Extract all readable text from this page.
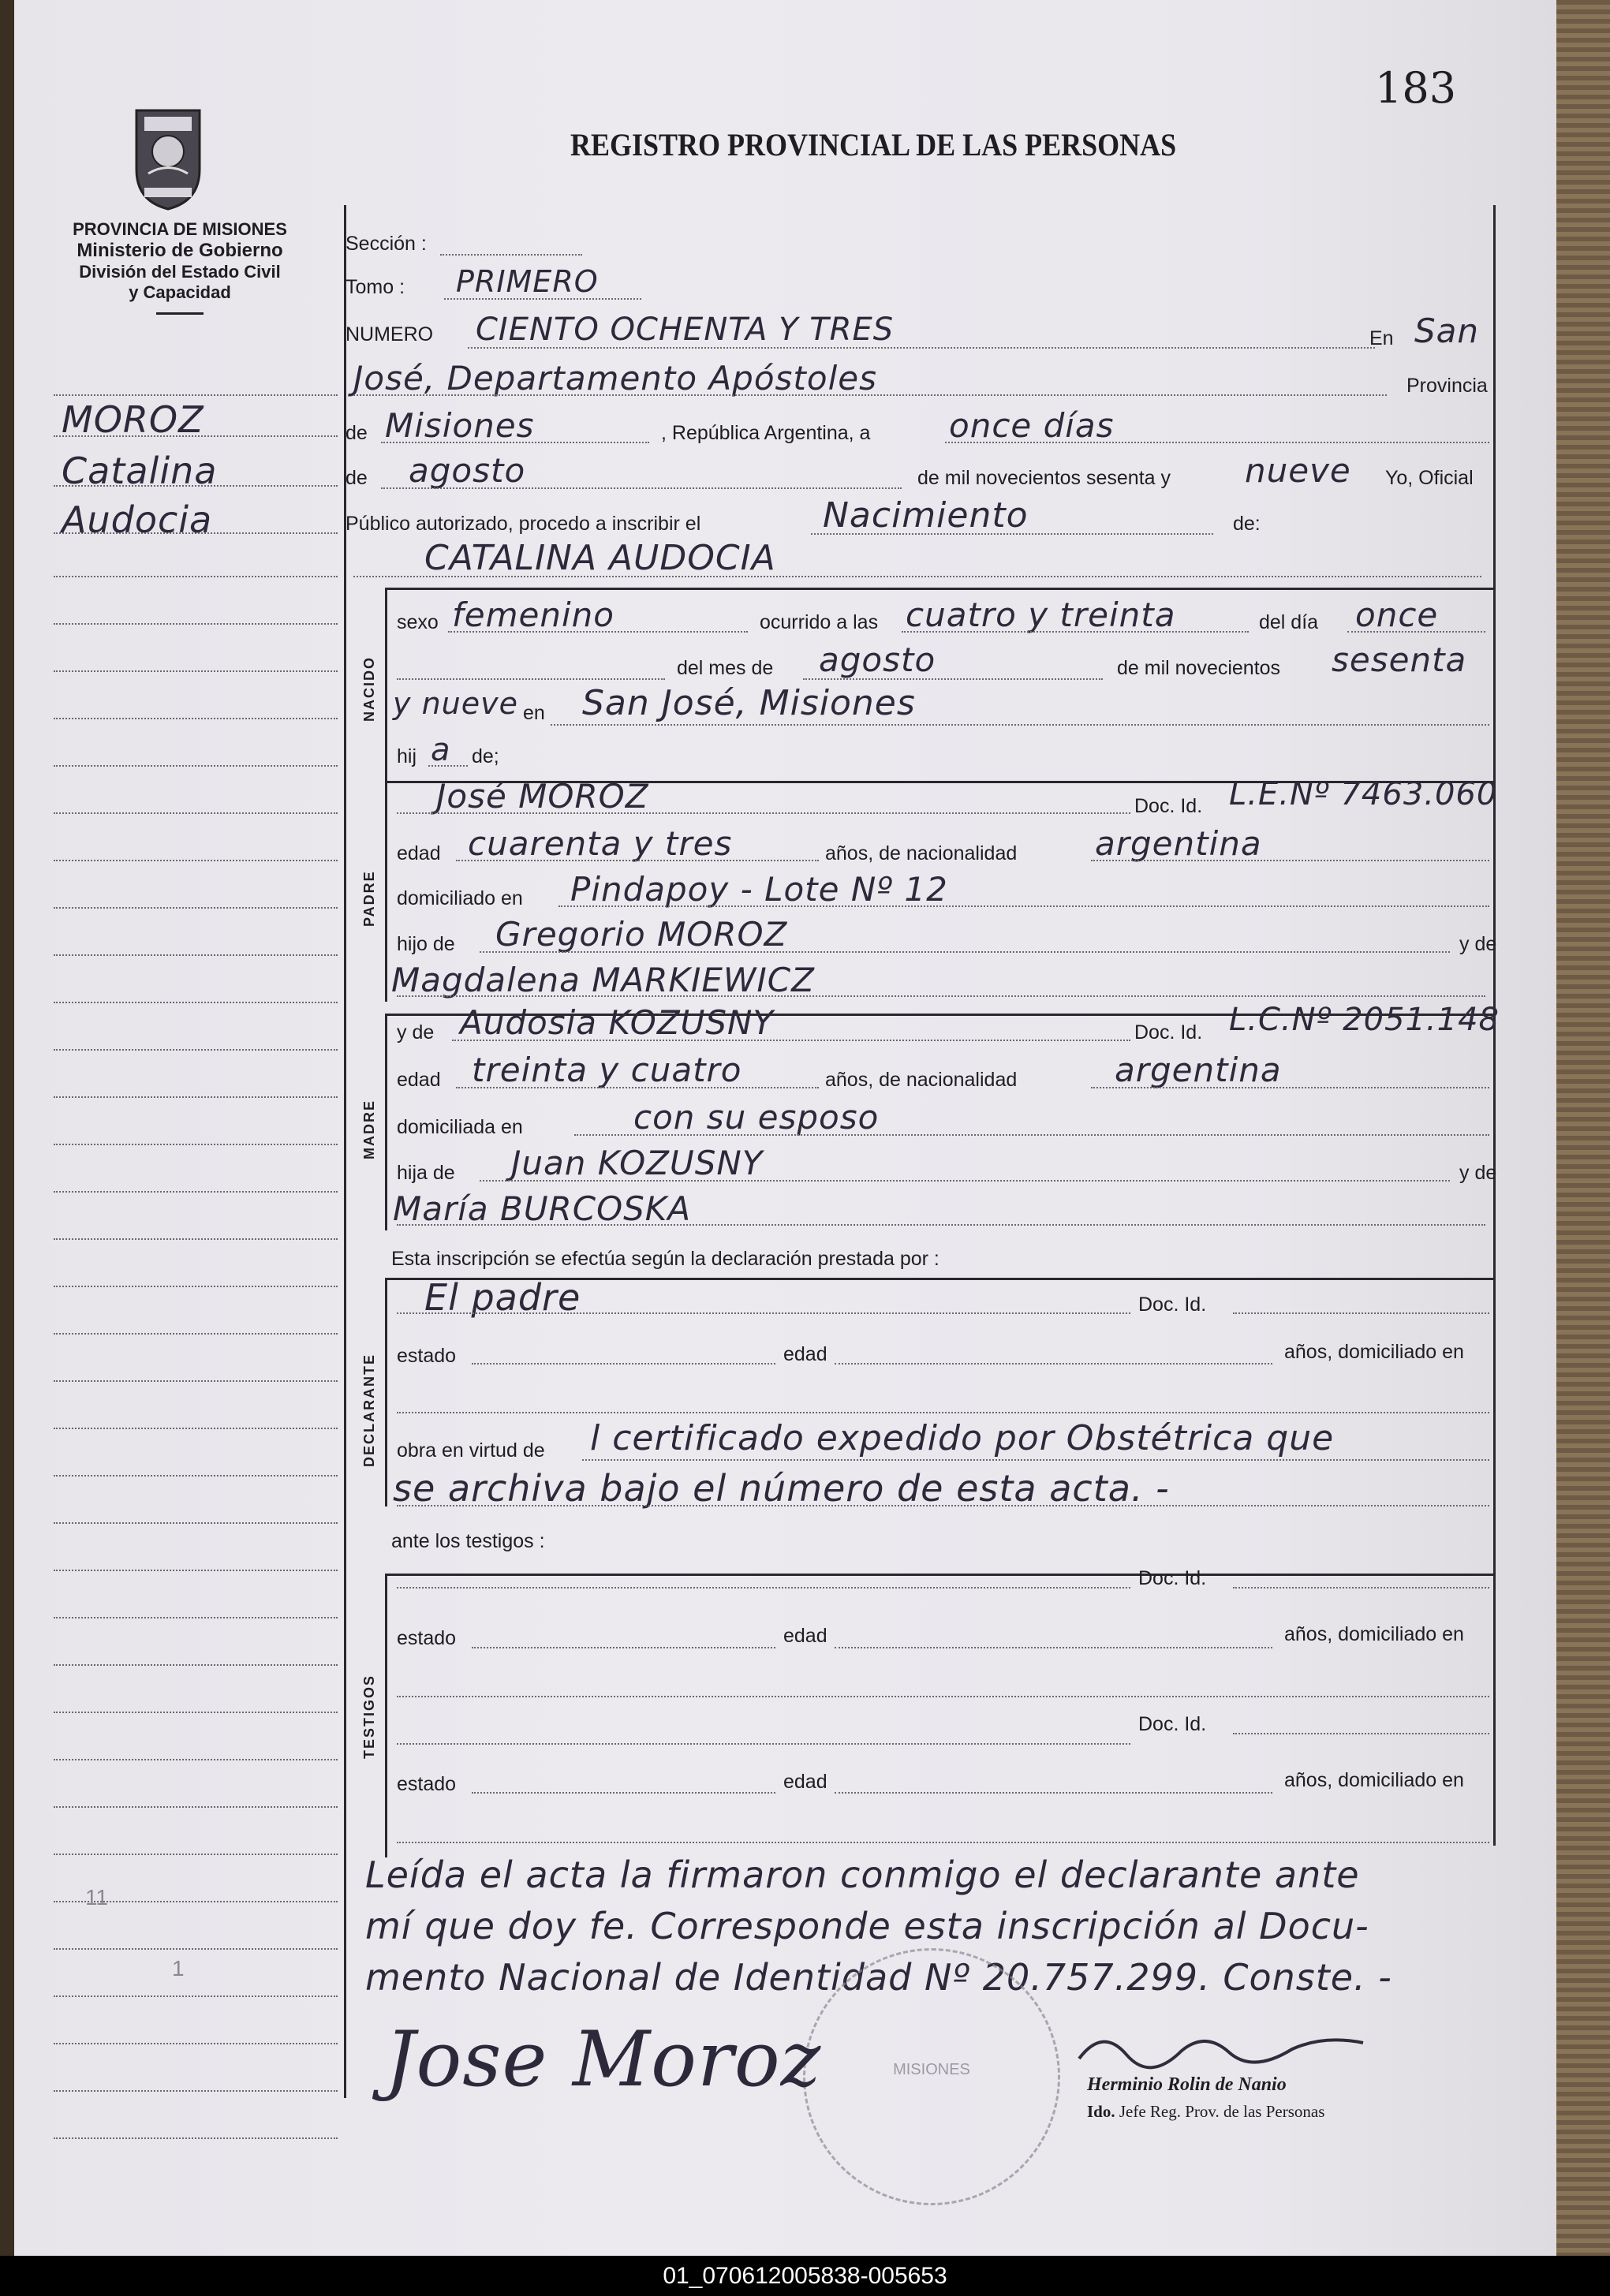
183
PROVINCIA DE MISIONES
Ministerio de Gobierno
División del Estado Civil
y Capacidad
REGISTRO PROVINCIAL DE LAS PERSONAS
MOROZ
Catalina
Audocia
11
1
Sección :
Tomo : PRIMERO
NUMERO CIENTO OCHENTA Y TRES	En San
José, Departamento Apóstoles	Provincia
de Misiones	, República Argentina, a once días
de agosto	de mil novecientos sesenta y nueve Yo, Oficial
Público autorizado, procedo a inscribir el	Nacimiento	de:
CATALINA AUDOCIA
NACIDO
sexo femenino	ocurrido a las cuatro y treinta	del día once
del mes de agosto	de mil novecientos sesenta
y nueve en San José, Misiones
hij a de;
PADRE
José MOROZ	Doc. Id. L.E.Nº 7463.060
edad cuarenta y tres	años, de nacionalidad argentina
domiciliado en Pindapoy - Lote Nº 12
hijo de Gregorio MOROZ	y de
Magdalena MARKIEWICZ
MADRE
y de Audosia KOZUSNY	Doc. Id. L.C.Nº 2051.148
edad treinta y cuatro	años, de nacionalidad	argentina
domiciliada en	con su esposo
hija de Juan KOZUSNY	y de
María BURCOSKA
Esta inscripción se efectúa según la declaración prestada por :
DECLARANTE
El padre	Doc. Id.
estado	edad	años, domiciliado en
obra en virtud de l certificado expedido por Obstétrica que
se archiva bajo el número de esta acta. -
ante los testigos :
TESTIGOS
Doc. Id.
estado	edad	años, domiciliado en
Doc. Id.
estado	edad	años, domiciliado en
Leída el acta la firmaron conmigo el declarante ante
mí que doy fe. Corresponde esta inscripción al Docu-
mento Nacional de Identidad Nº 20.757.299. Conste. -
MISIONES
Jose Moroz	Herminio Rolin de Nanio
Ido. Jefe Reg. Prov. de las Personas
01_070612005838-005653
